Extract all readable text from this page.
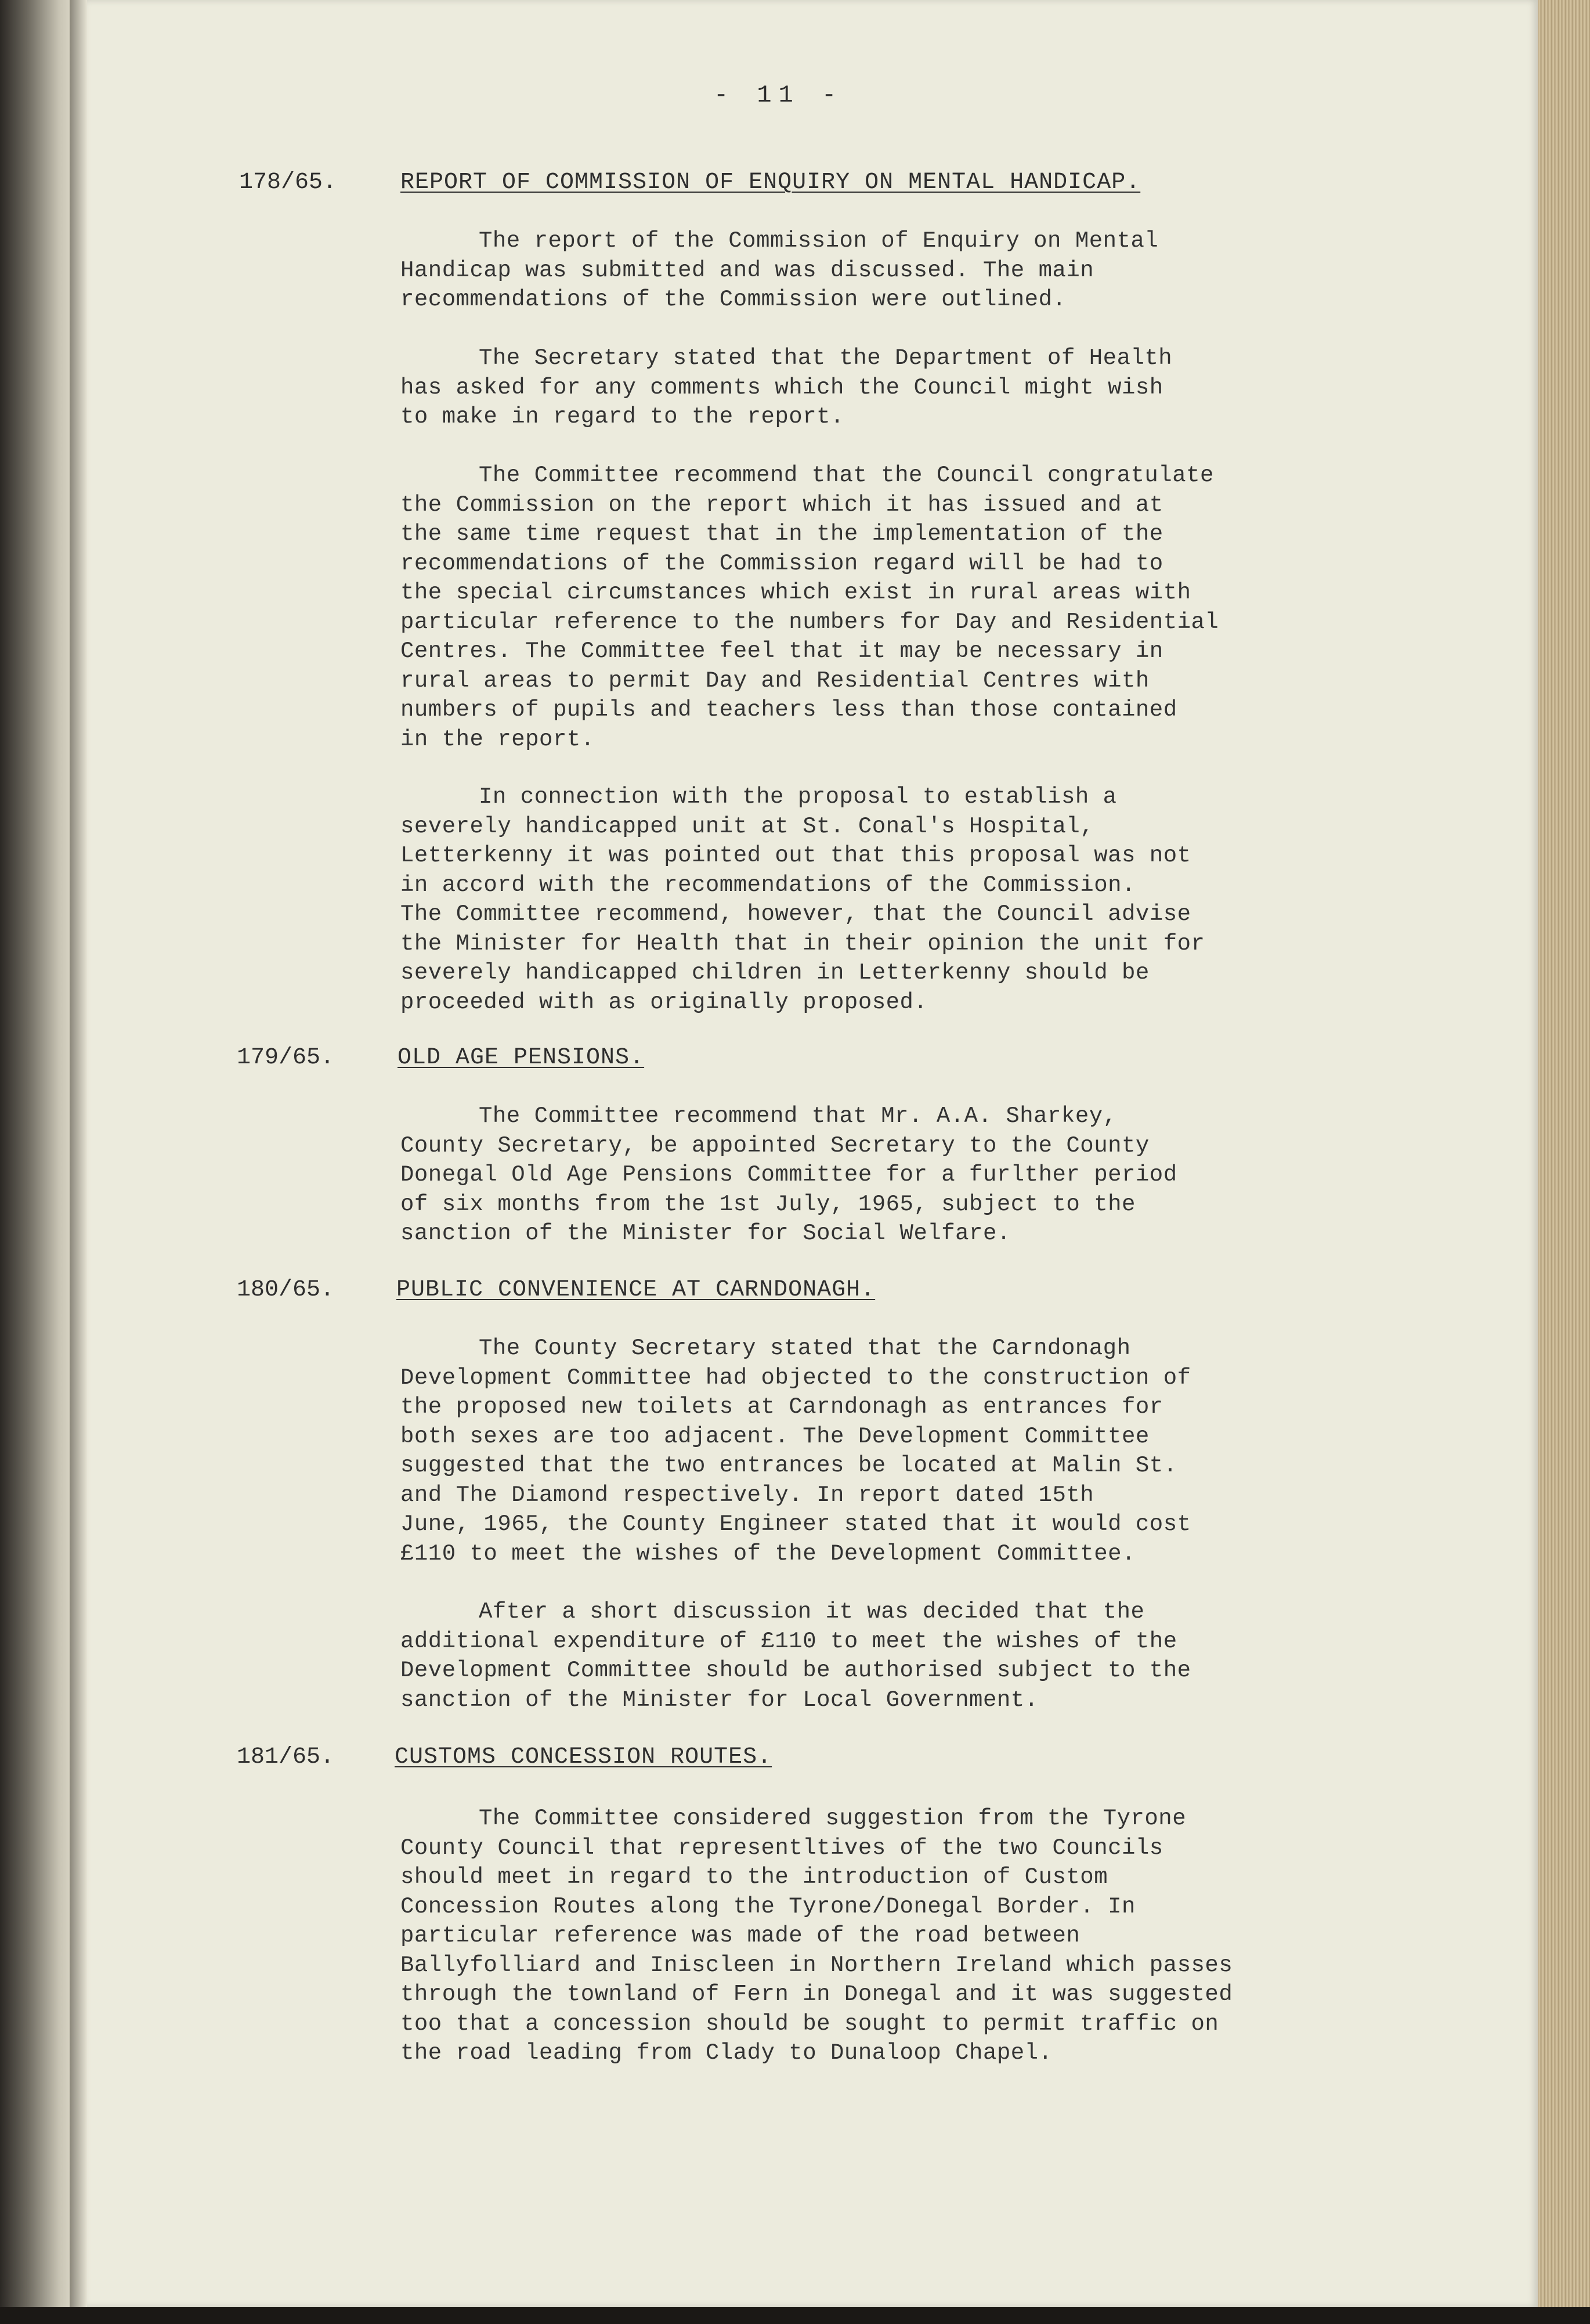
- 11 -
178/65.	REPORT OF COMMISSION OF ENQUIRY ON MENTAL HANDICAP.

The report of the Commission of Enquiry on Mental
Handicap was submitted and was discussed. The main
recommendations of the Commission were outlined.

The Secretary stated that the Department of Health
has asked for any comments which the Council might wish
to make in regard to the report.

The Committee recommend that the Council congratulate
the Commission on the report which it has issued and at
the same time request that in the implementation of the
recommendations of the Commission regard will be had to
the special circumstances which exist in rural areas with
particular reference to the numbers for Day and Residential
Centres. The Committee feel that it may be necessary in
rural areas to permit Day and Residential Centres with
numbers of pupils and teachers less than those contained
in the report.

In connection with the proposal to establish a
severely handicapped unit at St. Conal's Hospital,
Letterkenny it was pointed out that this proposal was not
in accord with the recommendations of the Commission.
The Committee recommend, however, that the Council advise
the Minister for Health that in their opinion the unit for
severely handicapped children in Letterkenny should be
proceeded with as originally proposed.

179/65.	OLD AGE PENSIONS.

The Committee recommend that Mr. A.A. Sharkey,
County Secretary, be appointed Secretary to the County
Donegal Old Age Pensions Committee for a furlther period
of six months from the 1st July, 1965, subject to the
sanction of the Minister for Social Welfare.

180/65.	PUBLIC CONVENIENCE AT CARNDONAGH.

The County Secretary stated that the Carndonagh
Development Committee had objected to the construction of
the proposed new toilets at Carndonagh as entrances for
both sexes are too adjacent. The Development Committee
suggested that the two entrances be located at Malin St.
and The Diamond respectively. In report dated 15th
June, 1965, the County Engineer stated that it would cost
£110 to meet the wishes of the Development Committee.

After a short discussion it was decided that the
additional expenditure of £110 to meet the wishes of the
Development Committee should be authorised subject to the
sanction of the Minister for Local Government.

181/65.	CUSTOMS CONCESSION ROUTES.

The Committee considered suggestion from the Tyrone
County Council that representltives of the two Councils
should meet in regard to the introduction of Custom
Concession Routes along the Tyrone/Donegal Border. In
particular reference was made of the road between
Ballyfolliard and Iniscleen in Northern Ireland which passes
through the townland of Fern in Donegal and it was suggested
too that a concession should be sought to permit traffic on
the road leading from Clady to Dunaloop Chapel.
